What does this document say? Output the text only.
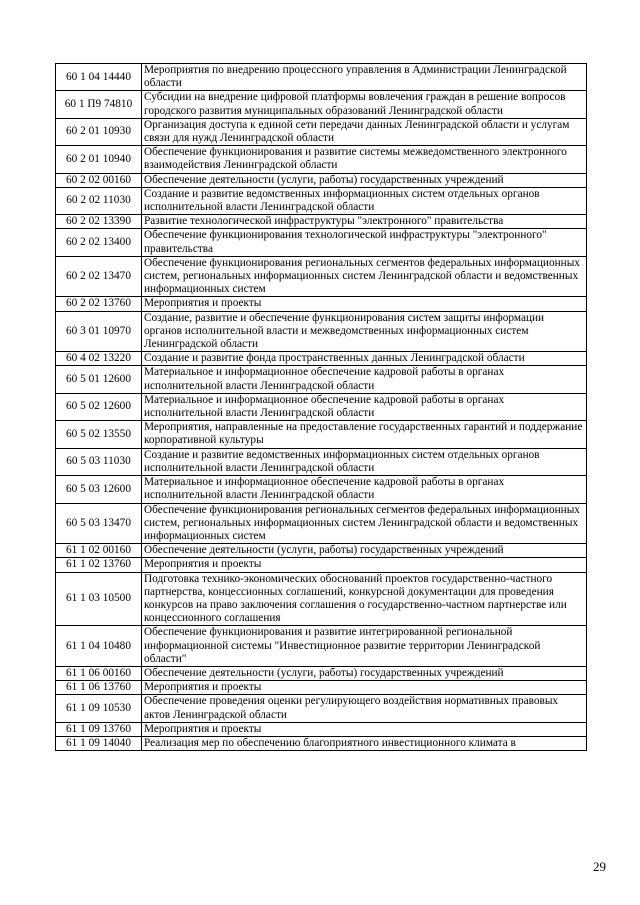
60 1 04 14440	Мероприятия по внедрению процессного управления в Администрации Ленинградской области
60 1 П9 74810	Субсидии на внедрение цифровой платформы вовлечения граждан в решение вопросов городского развития муниципальных образований Ленинградской области
60 2 01 10930	Организация доступа к единой сети передачи данных Ленинградской области и услугам связи для нужд Ленинградской области
60 2 01 10940	Обеспечение функционирования и развитие системы межведомственного электронного взаимодействия Ленинградской области
60 2 02 00160	Обеспечение деятельности (услуги, работы) государственных учреждений
60 2 02 11030	Создание и развитие ведомственных информационных систем отдельных органов исполнительной власти Ленинградской области
60 2 02 13390	Развитие технологической инфраструктуры "электронного" правительства
60 2 02 13400	Обеспечение функционирования технологической инфраструктуры "электронного" правительства
60 2 02 13470	Обеспечение функционирования региональных сегментов федеральных информационных систем, региональных информационных систем Ленинградской области и ведомственных информационных систем
60 2 02 13760	Мероприятия и проекты
60 3 01 10970	Создание, развитие и обеспечение функционирования систем защиты информации органов исполнительной власти и межведомственных информационных систем Ленинградской области
60 4 02 13220	Создание и развитие фонда пространственных данных Ленинградской области
60 5 01 12600	Материальное и информационное обеспечение кадровой работы в органах исполнительной власти Ленинградской области
60 5 02 12600	Материальное и информационное обеспечение кадровой работы в органах исполнительной власти Ленинградской области
60 5 02 13550	Мероприятия, направленные на предоставление государственных гарантий и поддержание корпоративной культуры
60 5 03 11030	Создание и развитие ведомственных информационных систем отдельных органов исполнительной власти Ленинградской области
60 5 03 12600	Материальное и информационное обеспечение кадровой работы в органах исполнительной власти Ленинградской области
60 5 03 13470	Обеспечение функционирования региональных сегментов федеральных информационных систем, региональных информационных систем Ленинградской области и ведомственных информационных систем
61 1 02 00160	Обеспечение деятельности (услуги, работы) государственных учреждений
61 1 02 13760	Мероприятия и проекты
61 1 03 10500	Подготовка технико-экономических обоснований проектов государственно-частного партнерства, концессионных соглашений, конкурсной документации для проведения конкурсов на право заключения соглашения о государственно-частном партнерстве или концессионного соглашения
61 1 04 10480	Обеспечение функционирования и развитие интегрированной региональной информационной системы "Инвестиционное развитие территории Ленинградской области"
61 1 06 00160	Обеспечение деятельности (услуги, работы) государственных учреждений
61 1 06 13760	Мероприятия и проекты
61 1 09 10530	Обеспечение проведения оценки регулирующего воздействия нормативных правовых актов Ленинградской области
61 1 09 13760	Мероприятия и проекты
61 1 09 14040	Реализация мер по обеспечению благоприятного инвестиционного климата в
29
